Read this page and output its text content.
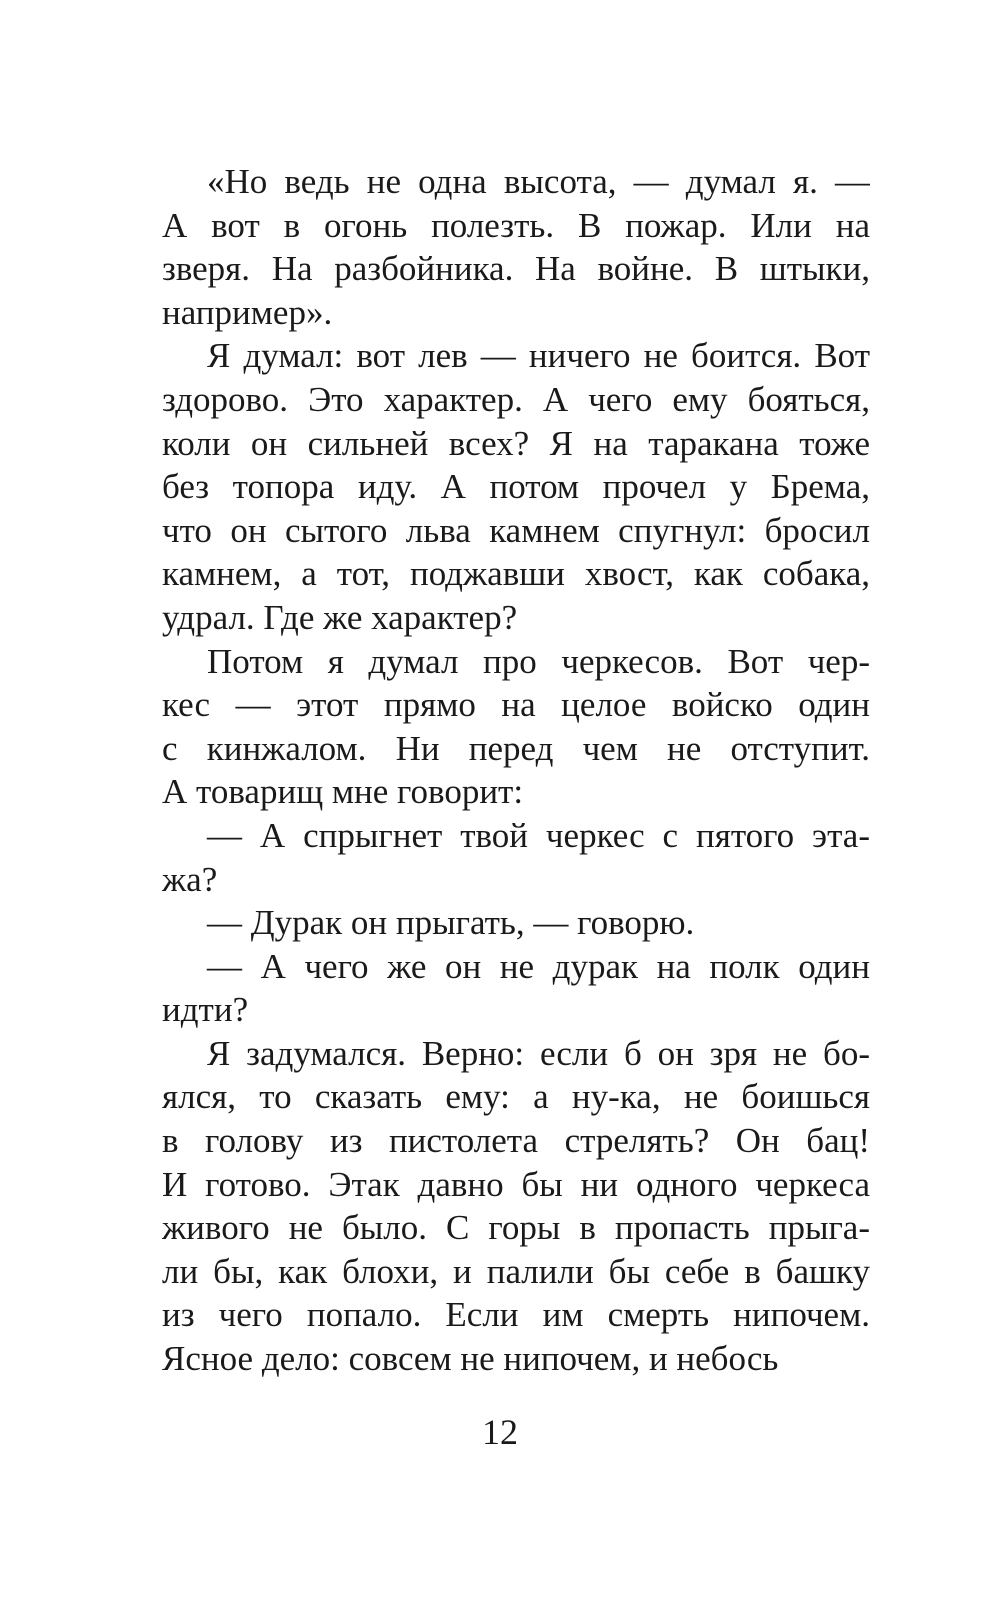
«Но ведь не одна высота, — думал я. —
А вот в огонь полезть. В пожар. Или на
зверя. На разбойника. На войне. В штыки,
например».
Я думал: вот лев — ничего не боится. Вот
здорово. Это характер. А чего ему бояться,
коли он сильней всех? Я на таракана тоже
без топора иду. А потом прочел у Брема,
что он сытого льва камнем спугнул: бросил
камнем, а тот, поджавши хвост, как собака,
удрал. Где же характер?
Потом я думал про черкесов. Вот чер-
кес — этот прямо на целое войско один
с кинжалом. Ни перед чем не отступит.
А товарищ мне говорит:
— А спрыгнет твой черкес с пятого эта-
жа?
— Дурак он прыгать, — говорю.
— А чего же он не дурак на полк один
идти?
Я задумался. Верно: если б он зря не бо-
ялся, то сказать ему: а ну-ка, не боишься
в голову из пистолета стрелять? Он бац!
И готово. Этак давно бы ни одного черкеса
живого не было. С горы в пропасть прыга-
ли бы, как блохи, и палили бы себе в башку
из чего попало. Если им смерть нипочем.
Ясное дело: совсем не нипочем, и небось
12
